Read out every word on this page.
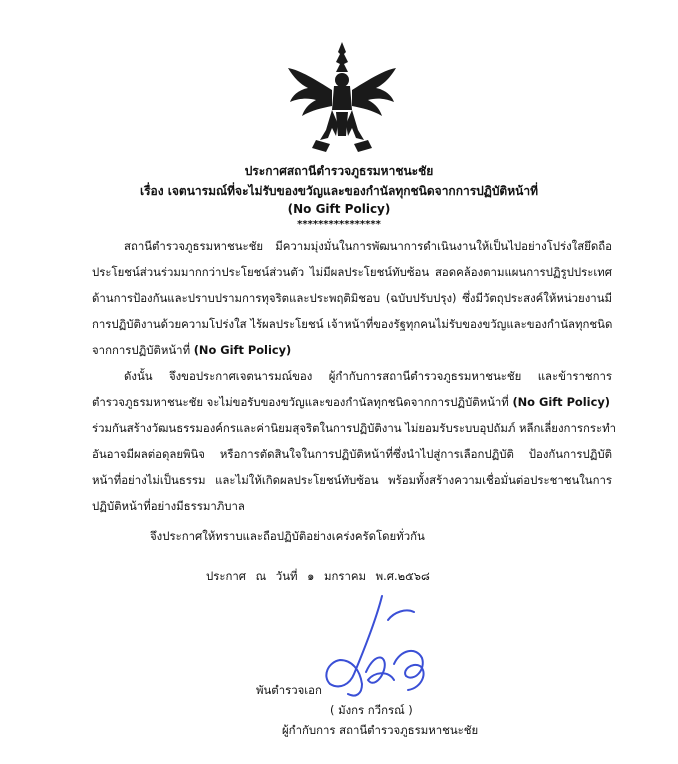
ประกาศสถานีตำรวจภูธรมหาชนะชัย
เรื่อง เจตนารมณ์ที่จะไม่รับของขวัญและของกำนัลทุกชนิดจากการปฏิบัติหน้าที่
(No Gift Policy)
****************
สถานีตำรวจภูธรมหาชนะชัย มีความมุ่งมั่นในการพัฒนาการดำเนินงานให้เป็นไปอย่างโปร่งใสยึดถือ
ประโยชน์ส่วนร่วมมากกว่าประโยชน์ส่วนตัว ไม่มีผลประโยชน์ทับซ้อน สอดคล้องตามแผนการปฏิรูปประเทศ
ด้านการป้องกันและปราบปรามการทุจริตและประพฤติมิชอบ (ฉบับปรับปรุง) ซึ่งมีวัตถุประสงค์ให้หน่วยงานมี
การปฏิบัติงานด้วยความโปร่งใส ไร้ผลประโยชน์ เจ้าหน้าที่ของรัฐทุกคนไม่รับของขวัญและของกำนัลทุกชนิด
จากการปฏิบัติหน้าที่ (No Gift Policy)
ดังนั้น จึงขอประกาศเจตนารมณ์ของ ผู้กำกับการสถานีตำรวจภูธรมหาชนะชัย และข้าราชการ
ตำรวจภูธรมหาชนะชัย จะไม่ขอรับของขวัญและของกำนัลทุกชนิดจากการปฏิบัติหน้าที่ (No Gift Policy)
ร่วมกันสร้างวัฒนธรรมองค์กรและค่านิยมสุจริตในการปฏิบัติงาน ไม่ยอมรับระบบอุปถัมภ์ หลีกเลี่ยงการกระทำ
อันอาจมีผลต่อดุลยพินิจ หรือการตัดสินใจในการปฏิบัติหน้าที่ซึ่งนำไปสู่การเลือกปฏิบัติ ป้องกันการปฏิบัติ
หน้าที่อย่างไม่เป็นธรรม และไม่ให้เกิดผลประโยชน์ทับซ้อน พร้อมทั้งสร้างความเชื่อมั่นต่อประชาชนในการ
ปฏิบัติหน้าที่อย่างมีธรรมาภิบาล
จึงประกาศให้ทราบและถือปฏิบัติอย่างเคร่งครัดโดยทั่วกัน
ประกาศ ณ วันที่ ๑ มกราคม พ.ศ.๒๕๖๘
พันตำรวจเอก
( มังกร กวีกรณ์ )
ผู้กำกับการ สถานีตำรวจภูธรมหาชนะชัย
